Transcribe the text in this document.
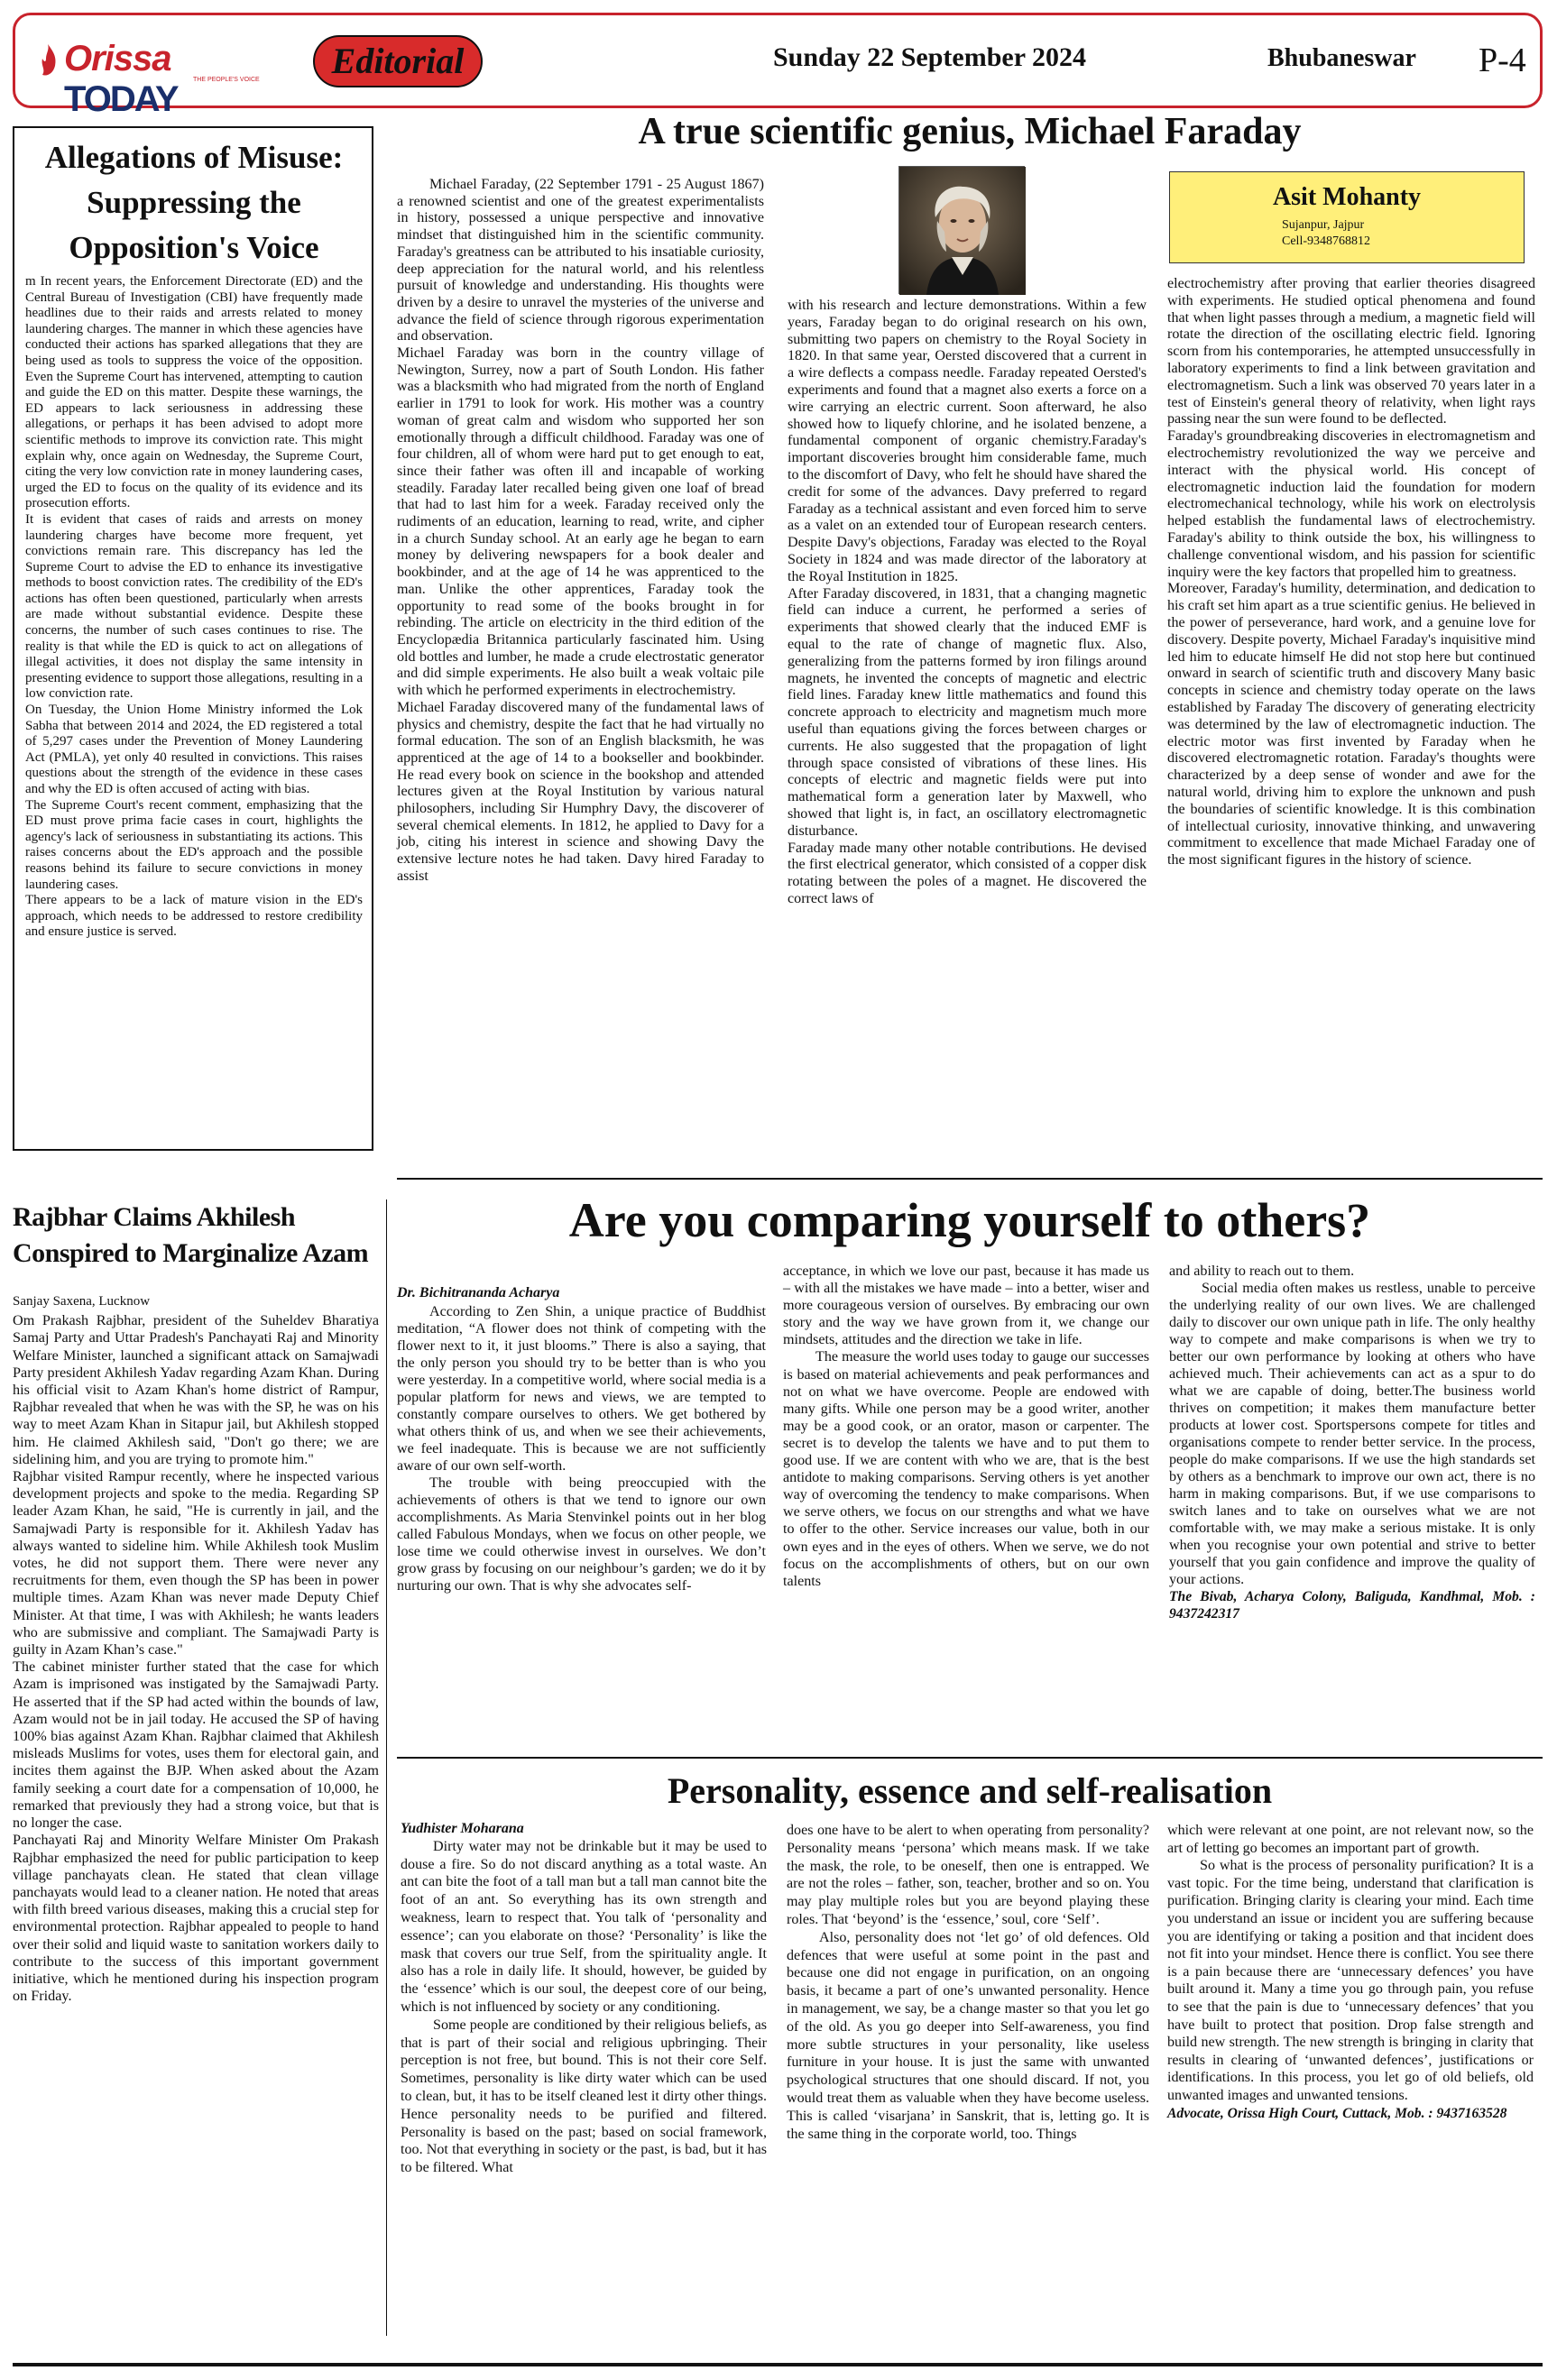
Orissa TODAY	THE PEOPLE'S VOICE	Editorial	Sunday 22 September 2024	Bhubaneswar P-4
Allegations of Misuse: Suppressing the Opposition's Voice

m In recent years, the Enforcement Directorate (ED) and the Central Bureau of Investigation (CBI) have frequently made headlines due to their raids and arrests related to money laundering charges. The manner in which these agencies have conducted their actions has sparked allegations that they are being used as tools to suppress the voice of the opposition. Even the Supreme Court has intervened, attempting to caution and guide the ED on this matter. Despite these warnings, the ED appears to lack seriousness in addressing these allegations, or perhaps it has been advised to adopt more scientific methods to improve its conviction rate. This might explain why, once again on Wednesday, the Supreme Court, citing the very low conviction rate in money laundering cases, urged the ED to focus on the quality of its evidence and its prosecution efforts.

It is evident that cases of raids and arrests on money laundering charges have become more frequent, yet convictions remain rare. This discrepancy has led the Supreme Court to advise the ED to enhance its investigative methods to boost conviction rates. The credibility of the ED's actions has often been questioned, particularly when arrests are made without substantial evidence. Despite these concerns, the number of such cases continues to rise. The reality is that while the ED is quick to act on allegations of illegal activities, it does not display the same intensity in presenting evidence to support those allegations, resulting in a low conviction rate.

On Tuesday, the Union Home Ministry informed the Lok Sabha that between 2014 and 2024, the ED registered a total of 5,297 cases under the Prevention of Money Laundering Act (PMLA), yet only 40 resulted in convictions. This raises questions about the strength of the evidence in these cases and why the ED is often accused of acting with bias.

The Supreme Court's recent comment, emphasizing that the ED must prove prima facie cases in court, highlights the agency's lack of seriousness in substantiating its actions. This raises concerns about the ED's approach and the possible reasons behind its failure to secure convictions in money laundering cases.

There appears to be a lack of mature vision in the ED's approach, which needs to be addressed to restore credibility and ensure justice is served.

A true scientific genius, Michael Faraday
Asit Mohanty
Sujanpur, Jajpur
Cell-9348768812

Michael Faraday, (22 September 1791 - 25 August 1867) a renowned scientist and one of the greatest experimentalists in history, possessed a unique perspective and innovative mindset that distinguished him in the scientific community. Faraday's greatness can be attributed to his insatiable curiosity, deep appreciation for the natural world, and his relentless pursuit of knowledge and understanding. His thoughts were driven by a desire to unravel the mysteries of the universe and advance the field of science through rigorous experimentation and observation.

Michael Faraday was born in the country village of Newington, Surrey, now a part of South London. His father was a blacksmith who had migrated from the north of England earlier in 1791 to look for work. His mother was a country woman of great calm and wisdom who supported her son emotionally through a difficult childhood. Faraday was one of four children, all of whom were hard put to get enough to eat, since their father was often ill and incapable of working steadily. Faraday later recalled being given one loaf of bread that had to last him for a week. Faraday received only the rudiments of an education, learning to read, write, and cipher in a church Sunday school. At an early age he began to earn money by delivering newspapers for a book dealer and bookbinder, and at the age of 14 he was apprenticed to the man. Unlike the other apprentices, Faraday took the opportunity to read some of the books brought in for rebinding. The article on electricity in the third edition of the Encyclopædia Britannica particularly fascinated him. Using old bottles and lumber, he made a crude electrostatic generator and did simple experiments. He also built a weak voltaic pile with which he performed experiments in electrochemistry.

Michael Faraday discovered many of the fundamental laws of physics and chemistry, despite the fact that he had virtually no formal education. The son of an English blacksmith, he was apprenticed at the age of 14 to a bookseller and bookbinder. He read every book on science in the bookshop and attended lectures given at the Royal Institution by various natural philosophers, including Sir Humphry Davy, the discoverer of several chemical elements. In 1812, he applied to Davy for a job, citing his interest in science and showing Davy the extensive lecture notes he had taken. Davy hired Faraday to assist

with his research and lecture demonstrations. Within a few years, Faraday began to do original research on his own, submitting two papers on chemistry to the Royal Society in 1820. In that same year, Oersted discovered that a current in a wire deflects a compass needle. Faraday repeated Oersted's experiments and found that a magnet also exerts a force on a wire carrying an electric current. Soon afterward, he also showed how to liquefy chlorine, and he isolated benzene, a fundamental component of organic chemistry.Faraday's important discoveries brought him considerable fame, much to the discomfort of Davy, who felt he should have shared the credit for some of the advances. Davy preferred to regard Faraday as a technical assistant and even forced him to serve as a valet on an extended tour of European research centers. Despite Davy's objections, Faraday was elected to the Royal Society in 1824 and was made director of the laboratory at the Royal Institution in 1825.

After Faraday discovered, in 1831, that a changing magnetic field can induce a current, he performed a series of experiments that showed clearly that the induced EMF is equal to the rate of change of magnetic flux. Also, generalizing from the patterns formed by iron filings around magnets, he invented the concepts of magnetic and electric field lines. Faraday knew little mathematics and found this concrete approach to electricity and magnetism much more useful than equations giving the forces between charges or currents. He also suggested that the propagation of light through space consisted of vibrations of these lines. His concepts of electric and magnetic fields were put into mathematical form a generation later by Maxwell, who showed that light is, in fact, an oscillatory electromagnetic disturbance.

Faraday made many other notable contributions. He devised the first electrical generator, which consisted of a copper disk rotating between the poles of a magnet. He discovered the correct laws of

electrochemistry after proving that earlier theories disagreed with experiments. He studied optical phenomena and found that when light passes through a medium, a magnetic field will rotate the direction of the oscillating electric field. Ignoring scorn from his contemporaries, he attempted unsuccessfully in laboratory experiments to find a link between gravitation and electromagnetism. Such a link was observed 70 years later in a test of Einstein's general theory of relativity, when light rays passing near the sun were found to be deflected.

Faraday's groundbreaking discoveries in electromagnetism and electrochemistry revolutionized the way we perceive and interact with the physical world. His concept of electromagnetic induction laid the foundation for modern electromechanical technology, while his work on electrolysis helped establish the fundamental laws of electrochemistry. Faraday's ability to think outside the box, his willingness to challenge conventional wisdom, and his passion for scientific inquiry were the key factors that propelled him to greatness.

Moreover, Faraday's humility, determination, and dedication to his craft set him apart as a true scientific genius. He believed in the power of perseverance, hard work, and a genuine love for discovery. Despite poverty, Michael Faraday's inquisitive mind led him to educate himself He did not stop here but continued onward in search of scientific truth and discovery Many basic concepts in science and chemistry today operate on the laws established by Faraday The discovery of generating electricity was determined by the law of electromagnetic induction. The electric motor was first invented by Faraday when he discovered electromagnetic rotation. Faraday's thoughts were characterized by a deep sense of wonder and awe for the natural world, driving him to explore the unknown and push the boundaries of scientific knowledge. It is this combination of intellectual curiosity, innovative thinking, and unwavering commitment to excellence that made Michael Faraday one of the most significant figures in the history of science.

Rajbhar Claims Akhilesh Conspired to Marginalize Azam

Sanjay Saxena, Lucknow

Om Prakash Rajbhar, president of the Suheldev Bharatiya Samaj Party and Uttar Pradesh's Panchayati Raj and Minority Welfare Minister, launched a significant attack on Samajwadi Party president Akhilesh Yadav regarding Azam Khan. During his official visit to Azam Khan's home district of Rampur, Rajbhar revealed that when he was with the SP, he was on his way to meet Azam Khan in Sitapur jail, but Akhilesh stopped him. He claimed Akhilesh said, "Don't go there; we are sidelining him, and you are trying to promote him."

Rajbhar visited Rampur recently, where he inspected various development projects and spoke to the media. Regarding SP leader Azam Khan, he said, "He is currently in jail, and the Samajwadi Party is responsible for it. Akhilesh Yadav has always wanted to sideline him. While Akhilesh took Muslim votes, he did not support them. There were never any recruitments for them, even though the SP has been in power multiple times. Azam Khan was never made Deputy Chief Minister. At that time, I was with Akhilesh; he wants leaders who are submissive and compliant. The Samajwadi Party is guilty in Azam Khan’s case."

The cabinet minister further stated that the case for which Azam is imprisoned was instigated by the Samajwadi Party. He asserted that if the SP had acted within the bounds of law, Azam would not be in jail today. He accused the SP of having 100% bias against Azam Khan. Rajbhar claimed that Akhilesh misleads Muslims for votes, uses them for electoral gain, and incites them against the BJP. When asked about the Azam family seeking a court date for a compensation of 10,000, he remarked that previously they had a strong voice, but that is no longer the case.

Panchayati Raj and Minority Welfare Minister Om Prakash Rajbhar emphasized the need for public participation to keep village panchayats clean. He stated that clean village panchayats would lead to a cleaner nation. He noted that areas with filth breed various diseases, making this a crucial step for environmental protection. Rajbhar appealed to people to hand over their solid and liquid waste to sanitation workers daily to contribute to the success of this important government initiative, which he mentioned during his inspection program on Friday.

Are you comparing yourself to others?

Dr. Bichitrananda Acharya

According to Zen Shin, a unique practice of Buddhist meditation, “A flower does not think of competing with the flower next to it, it just blooms.” There is also a saying, that the only person you should try to be better than is who you were yesterday. In a competitive world, where social media is a popular platform for news and views, we are tempted to constantly compare ourselves to others. We get bothered by what others think of us, and when we see their achievements, we feel inadequate. This is because we are not sufficiently aware of our own self-worth.

The trouble with being preoccupied with the achievements of others is that we tend to ignore our own accomplishments. As Maria Stenvinkel points out in her blog called Fabulous Mondays, when we focus on other people, we lose time we could otherwise invest in ourselves. We don’t grow grass by focusing on our neighbour’s garden; we do it by nurturing our own. That is why she advocates self-

acceptance, in which we love our past, because it has made us – with all the mistakes we have made – into a better, wiser and more courageous version of ourselves. By embracing our own story and the way we have grown from it, we change our mindsets, attitudes and the direction we take in life.

The measure the world uses today to gauge our successes is based on material achievements and peak performances and not on what we have overcome. People are endowed with many gifts. While one person may be a good writer, another may be a good cook, or an orator, mason or carpenter. The secret is to develop the talents we have and to put them to good use. If we are content with who we are, that is the best antidote to making comparisons. Serving others is yet another way of overcoming the tendency to make comparisons. When we serve others, we focus on our strengths and what we have to offer to the other. Service increases our value, both in our own eyes and in the eyes of others. When we serve, we do not focus on the accomplishments of others, but on our own talents

and ability to reach out to them.

Social media often makes us restless, unable to perceive the underlying reality of our own lives. We are challenged daily to discover our own unique path in life. The only healthy way to compete and make comparisons is when we try to better our own performance by looking at others who have achieved much. Their achievements can act as a spur to do what we are capable of doing, better.The business world thrives on competition; it makes them manufacture better products at lower cost. Sportspersons compete for titles and organisations compete to render better service. In the process, people do make comparisons. If we use the high standards set by others as a benchmark to improve our own act, there is no harm in making comparisons. But, if we use comparisons to switch lanes and to take on ourselves what we are not comfortable with, we may make a serious mistake. It is only when you recognise your own potential and strive to better yourself that you gain confidence and improve the quality of your actions.

The Bivab, Acharya Colony, Baliguda, Kandhmal, Mob. : 9437242317

Personality, essence and self-realisation

Yudhister Moharana

Dirty water may not be drinkable but it may be used to douse a fire. So do not discard anything as a total waste. An ant can bite the foot of a tall man but a tall man cannot bite the foot of an ant. So everything has its own strength and weakness, learn to respect that. You talk of ‘personality and essence’; can you elaborate on those? ‘Personality’ is like the mask that covers our true Self, from the spirituality angle. It also has a role in daily life. It should, however, be guided by the ‘essence’ which is our soul, the deepest core of our being, which is not influenced by society or any conditioning.

Some people are conditioned by their religious beliefs, as that is part of their social and religious upbringing. Their perception is not free, but bound. This is not their core Self. Sometimes, personality is like dirty water which can be used to clean, but, it has to be itself cleaned lest it dirty other things. Hence personality needs to be purified and filtered. Personality is based on the past; based on social framework, too. Not that everything in society or the past, is bad, but it has to be filtered. What

does one have to be alert to when operating from personality? Personality means ‘persona’ which means mask. If we take the mask, the role, to be oneself, then one is entrapped. We are not the roles – father, son, teacher, brother and so on. You may play multiple roles but you are beyond playing these roles. That ‘beyond’ is the ‘essence,’ soul, core ‘Self’.

Also, personality does not ‘let go’ of old defences. Old defences that were useful at some point in the past and because one did not engage in purification, on an ongoing basis, it became a part of one’s unwanted personality. Hence in management, we say, be a change master so that you let go of the old. As you go deeper into Self-awareness, you find more subtle structures in your personality, like useless furniture in your house. It is just the same with unwanted psychological structures that one should discard. If not, you would treat them as valuable when they have become useless. This is called ‘visarjana’ in Sanskrit, that is, letting go. It is the same thing in the corporate world, too. Things

which were relevant at one point, are not relevant now, so the art of letting go becomes an important part of growth.

So what is the process of personality purification? It is a vast topic. For the time being, understand that clarification is purification. Bringing clarity is clearing your mind. Each time you understand an issue or incident you are suffering because you are identifying or taking a position and that incident does not fit into your mindset. Hence there is conflict. You see there is a pain because there are ‘unnecessary defences’ you have built around it. Many a time you go through pain, you refuse to see that the pain is due to ‘unnecessary defences’ that you have built to protect that position. Drop false strength and build new strength. The new strength is bringing in clarity that results in clearing of ‘unwanted defences’, justifications or identifications. In this process, you let go of old beliefs, old unwanted images and unwanted tensions.

Advocate, Orissa High Court, Cuttack, Mob. : 9437163528
